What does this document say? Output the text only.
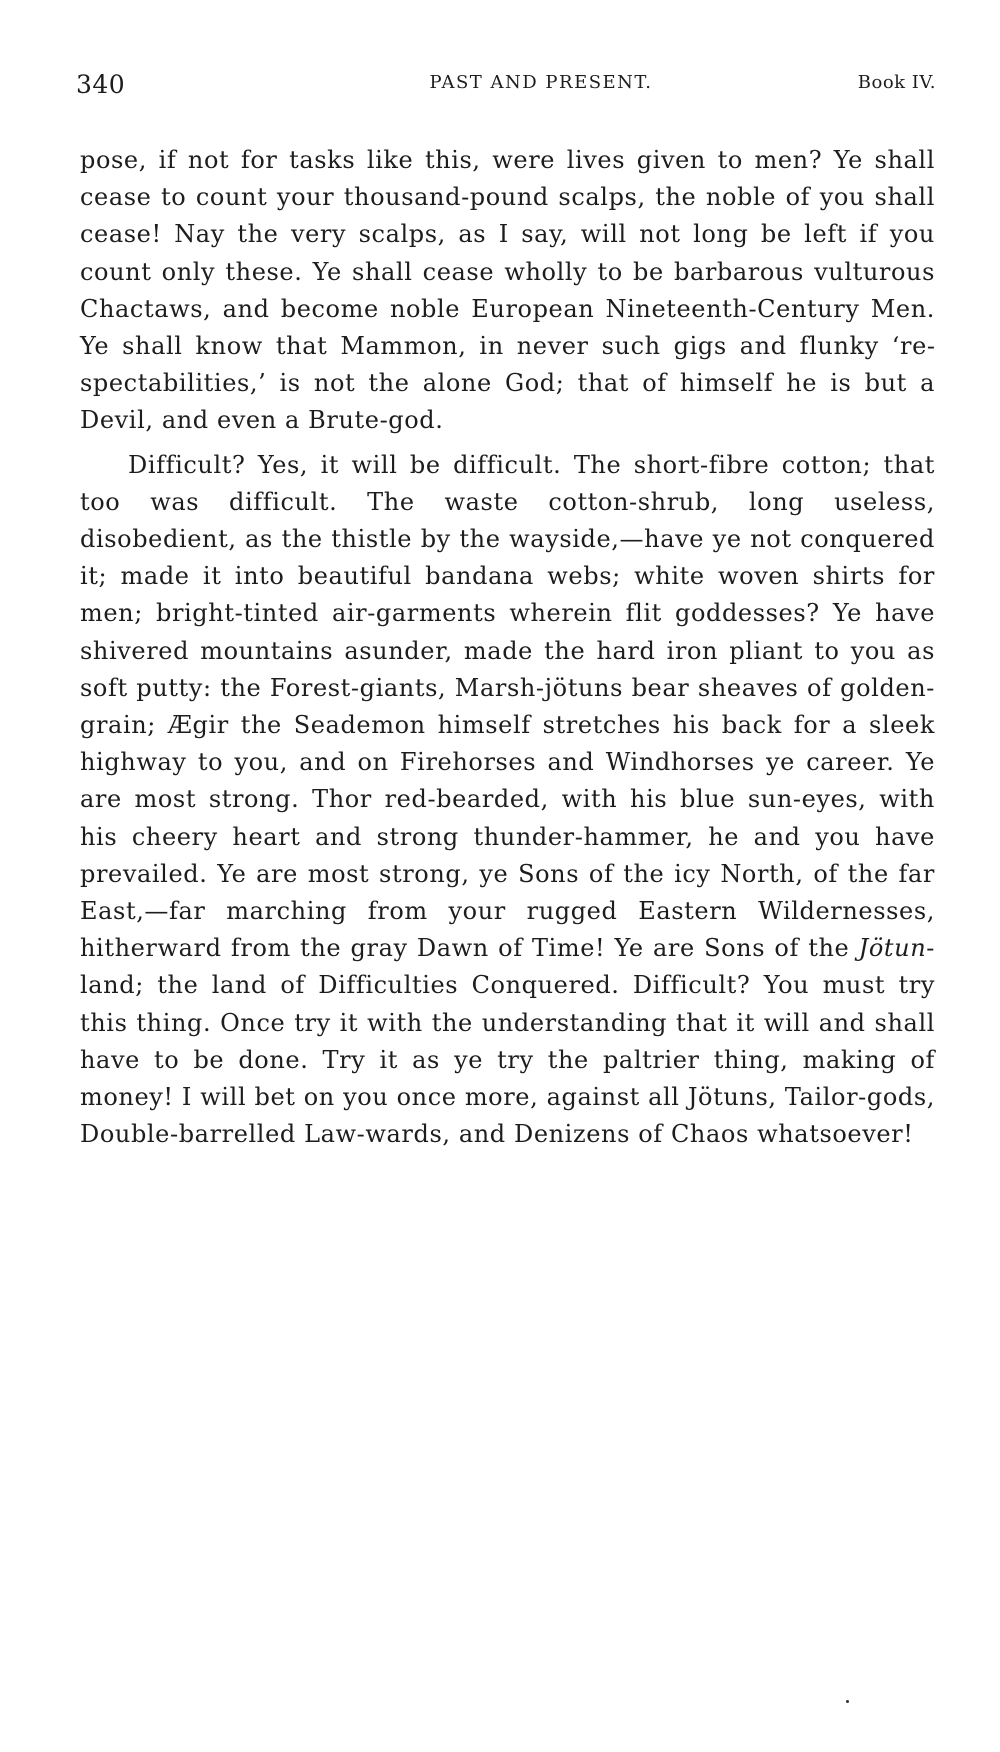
340	PAST AND PRESENT.	Book IV.

pose, if not for tasks like this, were lives given to men? Ye shall cease to count your thousand-pound scalps, the noble of you shall cease! Nay the very scalps, as I say, will not long be left if you count only these. Ye shall cease wholly to be barbarous vulturous Chactaws, and become noble European Nineteenth-Century Men. Ye shall know that Mammon, in never such gigs and flunky ‘respectabilities,’ is not the alone God; that of himself he is but a Devil, and even a Brute-god.

Difficult? Yes, it will be difficult. The short-fibre cotton; that too was difficult. The waste cotton-shrub, long useless, disobedient, as the thistle by the wayside,—have ye not conquered it; made it into beautiful bandana webs; white woven shirts for men; bright-tinted air-garments wherein flit goddesses? Ye have shivered mountains asunder, made the hard iron pliant to you as soft putty: the Forest-giants, Marsh-jötuns bear sheaves of golden-grain; Ægir the Seademon himself stretches his back for a sleek highway to you, and on Firehorses and Windhorses ye career. Ye are most strong. Thor red-bearded, with his blue sun-eyes, with his cheery heart and strong thunder-hammer, he and you have prevailed. Ye are most strong, ye Sons of the icy North, of the far East,—far marching from your rugged Eastern Wildernesses, hitherward from the gray Dawn of Time! Ye are Sons of the Jötun-land; the land of Difficulties Conquered. Difficult? You must try this thing. Once try it with the understanding that it will and shall have to be done. Try it as ye try the paltrier thing, making of money! I will bet on you once more, against all Jötuns, Tailor-gods, Double-barrelled Law-wards, and Denizens of Chaos whatsoever!
